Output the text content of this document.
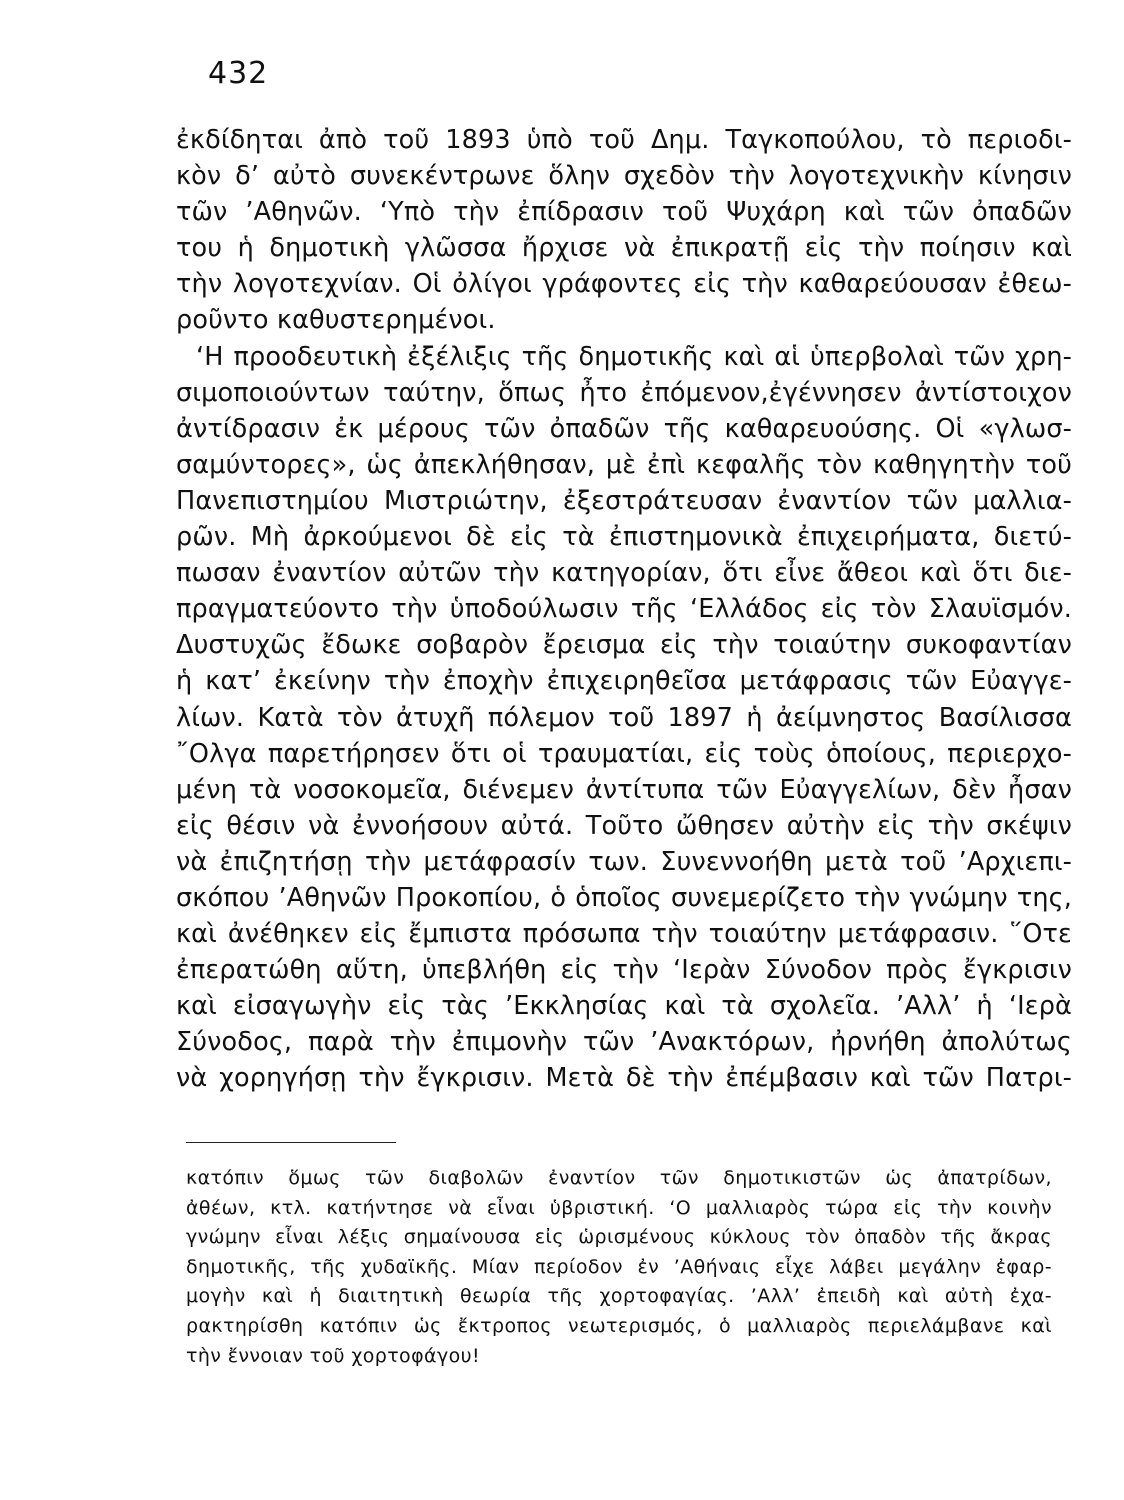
432
ἐκδίδηται ἀπὸ τοῦ 1893 ὑπὸ τοῦ Δημ. Ταγκοπούλου, τὸ περιοδι-
κὸν δ’ αὐτὸ συνεκέντρωνε ὅλην σχεδὸν τὴν λογοτεχνικὴν κίνησιν
τῶν ’Αθηνῶν. ‘Υπὸ τὴν ἐπίδρασιν τοῦ Ψυχάρη καὶ τῶν ὀπαδῶν
του ἡ δημοτικὴ γλῶσσα ἤρχισε νὰ ἐπικρατῇ εἰς τὴν ποίησιν καὶ
τὴν λογοτεχνίαν. Οἱ ὀλίγοι γράφοντες εἰς τὴν καθαρεύουσαν ἐθεω-
ροῦντο καθυστερημένοι.
‘Η προοδευτικὴ ἐξέλιξις τῆς δημοτικῆς καὶ αἱ ὑπερβολαὶ τῶν χρη-
σιμοποιούντων ταύτην, ὅπως ἦτο ἐπόμενον,ἐγέννησεν ἀντίστοιχον
ἀντίδρασιν ἐκ μέρους τῶν ὀπαδῶν τῆς καθαρευούσης. Οἱ «γλωσ-
σαμύντορες», ὡς ἀπεκλήθησαν, μὲ ἐπὶ κεφαλῆς τὸν καθηγητὴν τοῦ
Πανεπιστημίου Μιστριώτην, ἐξεστράτευσαν ἐναντίον τῶν μαλλια-
ρῶν. Μὴ ἀρκούμενοι δὲ εἰς τὰ ἐπιστημονικὰ ἐπιχειρήματα, διετύ-
πωσαν ἐναντίον αὐτῶν τὴν κατηγορίαν, ὅτι εἶνε ἄθεοι καὶ ὅτι διε-
πραγματεύοντο τὴν ὑποδούλωσιν τῆς ‘Ελλάδος εἰς τὸν Σλαυϊσμόν.
Δυστυχῶς ἔδωκε σοβαρὸν ἔρεισμα εἰς τὴν τοιαύτην συκοφαντίαν
ἡ κατ’ ἐκείνην τὴν ἐποχὴν ἐπιχειρηθεῖσα μετάφρασις τῶν Εὐαγγε-
λίων. Κατὰ τὸν ἀτυχῆ πόλεμον τοῦ 1897 ἡ ἀείμνηστος Βασίλισσα
῎Ολγα παρετήρησεν ὅτι οἱ τραυματίαι, εἰς τοὺς ὁποίους, περιερχο-
μένη τὰ νοσοκομεῖα, διένεμεν ἀντίτυπα τῶν Εὐαγγελίων, δὲν ἦσαν
εἰς θέσιν νὰ ἐννοήσουν αὐτά. Τοῦτο ὤθησεν αὐτὴν εἰς τὴν σκέψιν
νὰ ἐπιζητήσῃ τὴν μετάφρασίν των. Συνεννοήθη μετὰ τοῦ ’Αρχιεπι-
σκόπου ’Αθηνῶν Προκοπίου, ὁ ὁποῖος συνεμερίζετο τὴν γνώμην της,
καὶ ἀνέθηκεν εἰς ἔμπιστα πρόσωπα τὴν τοιαύτην μετάφρασιν. ῞Οτε
ἐπερατώθη αὕτη, ὑπεβλήθη εἰς τὴν ‘Ιερὰν Σύνοδον πρὸς ἔγκρισιν
καὶ εἰσαγωγὴν εἰς τὰς ’Εκκλησίας καὶ τὰ σχολεῖα. ’Αλλ’ ἡ ‘Ιερὰ
Σύνοδος, παρὰ τὴν ἐπιμονὴν τῶν ’Ανακτόρων, ἠρνήθη ἀπολύτως
νὰ χορηγήσῃ τὴν ἔγκρισιν. Μετὰ δὲ τὴν ἐπέμβασιν καὶ τῶν Πατρι-
κατόπιν ὅμως τῶν διαβολῶν ἐναντίον τῶν δημοτικιστῶν ὡς ἀπατρίδων,
ἀθέων, κτλ. κατήντησε νὰ εἶναι ὑβριστική. ‘Ο μαλλιαρὸς τώρα εἰς τὴν κοινὴν
γνώμην εἶναι λέξις σημαίνουσα εἰς ὡρισμένους κύκλους τὸν ὀπαδὸν τῆς ἄκρας
δημοτικῆς, τῆς χυδαϊκῆς. Μίαν περίοδον ἐν ’Αθήναις εἶχε λάβει μεγάλην ἐφαρ-
μογὴν καὶ ἡ διαιτητικὴ θεωρία τῆς χορτοφαγίας. ’Αλλ’ ἐπειδὴ καὶ αὐτὴ ἐχα-
ρακτηρίσθη κατόπιν ὡς ἔκτροπος νεωτερισμός, ὁ μαλλιαρὸς περιελάμβανε καὶ
τὴν ἔννοιαν τοῦ χορτοφάγου!
